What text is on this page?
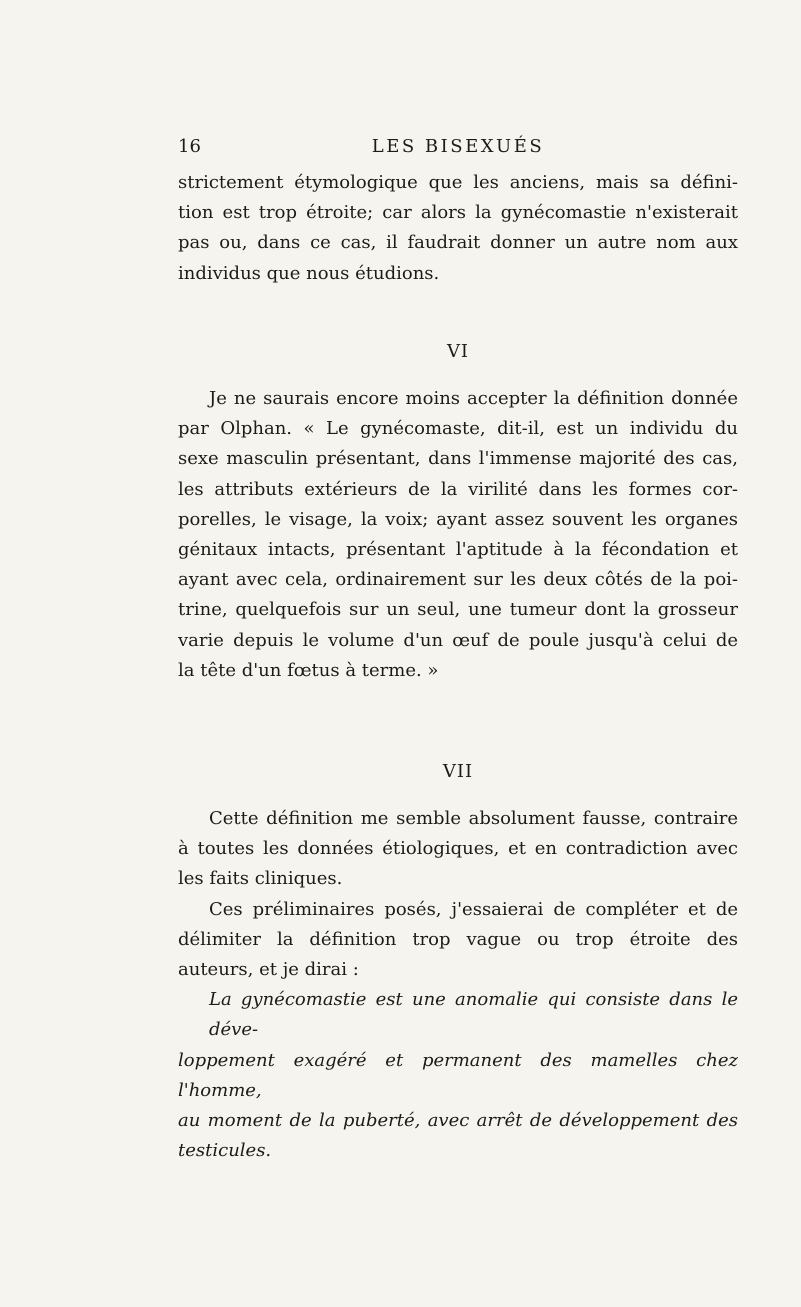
16	LES BISEXUÉS

strictement étymologique que les anciens, mais sa défini-
tion est trop étroite; car alors la gynécomastie n'existerait
pas ou, dans ce cas, il faudrait donner un autre nom aux
individus que nous étudions.

VI

Je ne saurais encore moins accepter la définition donnée
par Olphan. « Le gynécomaste, dit-il, est un individu du
sexe masculin présentant, dans l'immense majorité des cas,
les attributs extérieurs de la virilité dans les formes cor-
porelles, le visage, la voix; ayant assez souvent les organes
génitaux intacts, présentant l'aptitude à la fécondation et
ayant avec cela, ordinairement sur les deux côtés de la poi-
trine, quelquefois sur un seul, une tumeur dont la grosseur
varie depuis le volume d'un œuf de poule jusqu'à celui de
la tête d'un fœtus à terme. »

VII

Cette définition me semble absolument fausse, contraire
à toutes les données étiologiques, et en contradiction avec
les faits cliniques.

Ces préliminaires posés, j'essaierai de compléter et de
délimiter la définition trop vague ou trop étroite des
auteurs, et je dirai :

La gynécomastie est une anomalie qui consiste dans le déve-
loppement exagéré et permanent des mamelles chez l'homme,
au moment de la puberté, avec arrêt de développement des
testicules.
